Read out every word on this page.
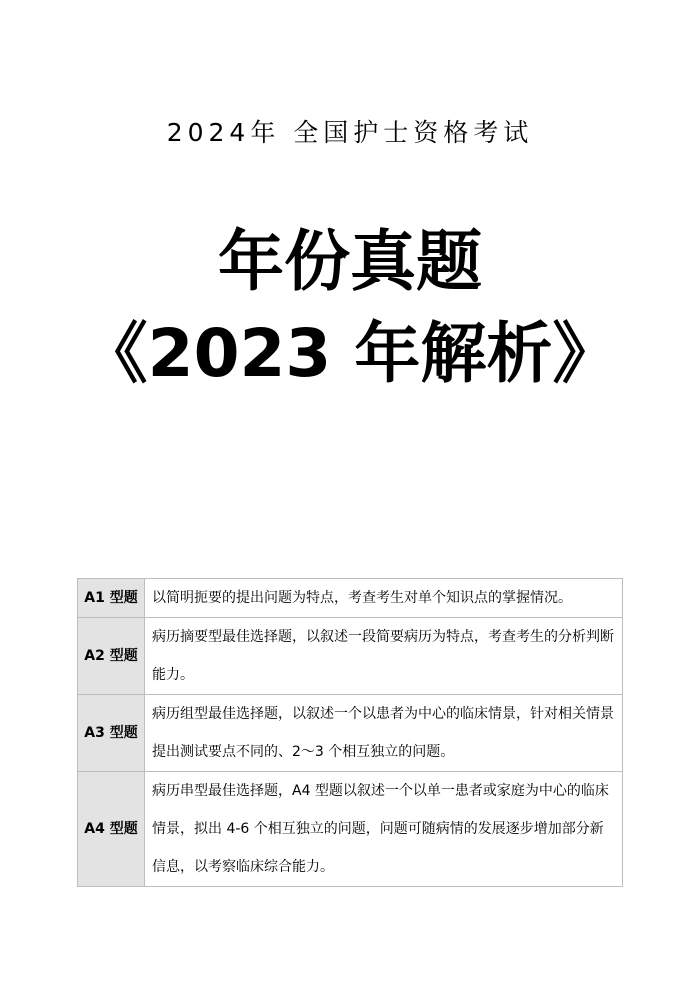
2024年 全国护士资格考试
年份真题
《2023 年解析》
A1 型题	以简明扼要的提出问题为特点，考查考生对单个知识点的掌握情况。
A2 型题	病历摘要型最佳选择题，以叙述一段简要病历为特点，考查考生的分析判断能力。
A3 型题	病历组型最佳选择题，以叙述一个以患者为中心的临床情景，针对相关情景提出测试要点不同的、2～3 个相互独立的问题。
A4 型题	病历串型最佳选择题，A4 型题以叙述一个以单一患者或家庭为中心的临床情景，拟出 4-6 个相互独立的问题，问题可随病情的发展逐步增加部分新信息，以考察临床综合能力。
